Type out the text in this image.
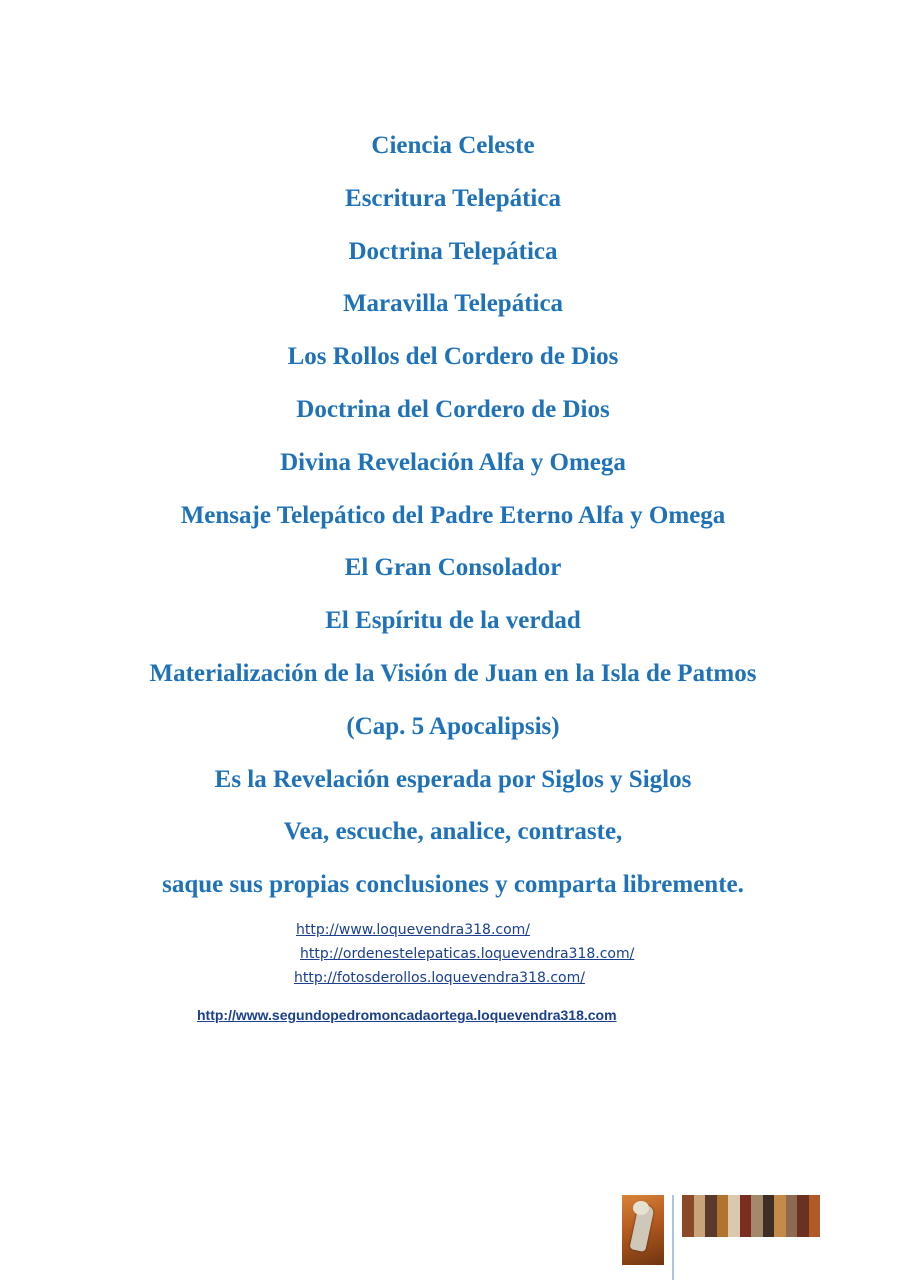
Ciencia Celeste
Escritura Telepática
Doctrina Telepática
Maravilla Telepática
Los Rollos del Cordero de Dios
Doctrina del Cordero de Dios
Divina Revelación Alfa y Omega
Mensaje Telepático del Padre Eterno Alfa y Omega
El Gran Consolador
El Espíritu de la verdad
Materialización de la Visión de Juan en la Isla de Patmos
(Cap. 5 Apocalipsis)
Es la Revelación esperada por Siglos y Siglos
Vea, escuche, analice, contraste,
saque sus propias conclusiones y comparta libremente.
http://www.loquevendra318.com/
http://ordenestelepaticas.loquevendra318.com/
http://fotosderollos.loquevendra318.com/
http://www.segundopedromoncadaortega.loquevendra318.com
